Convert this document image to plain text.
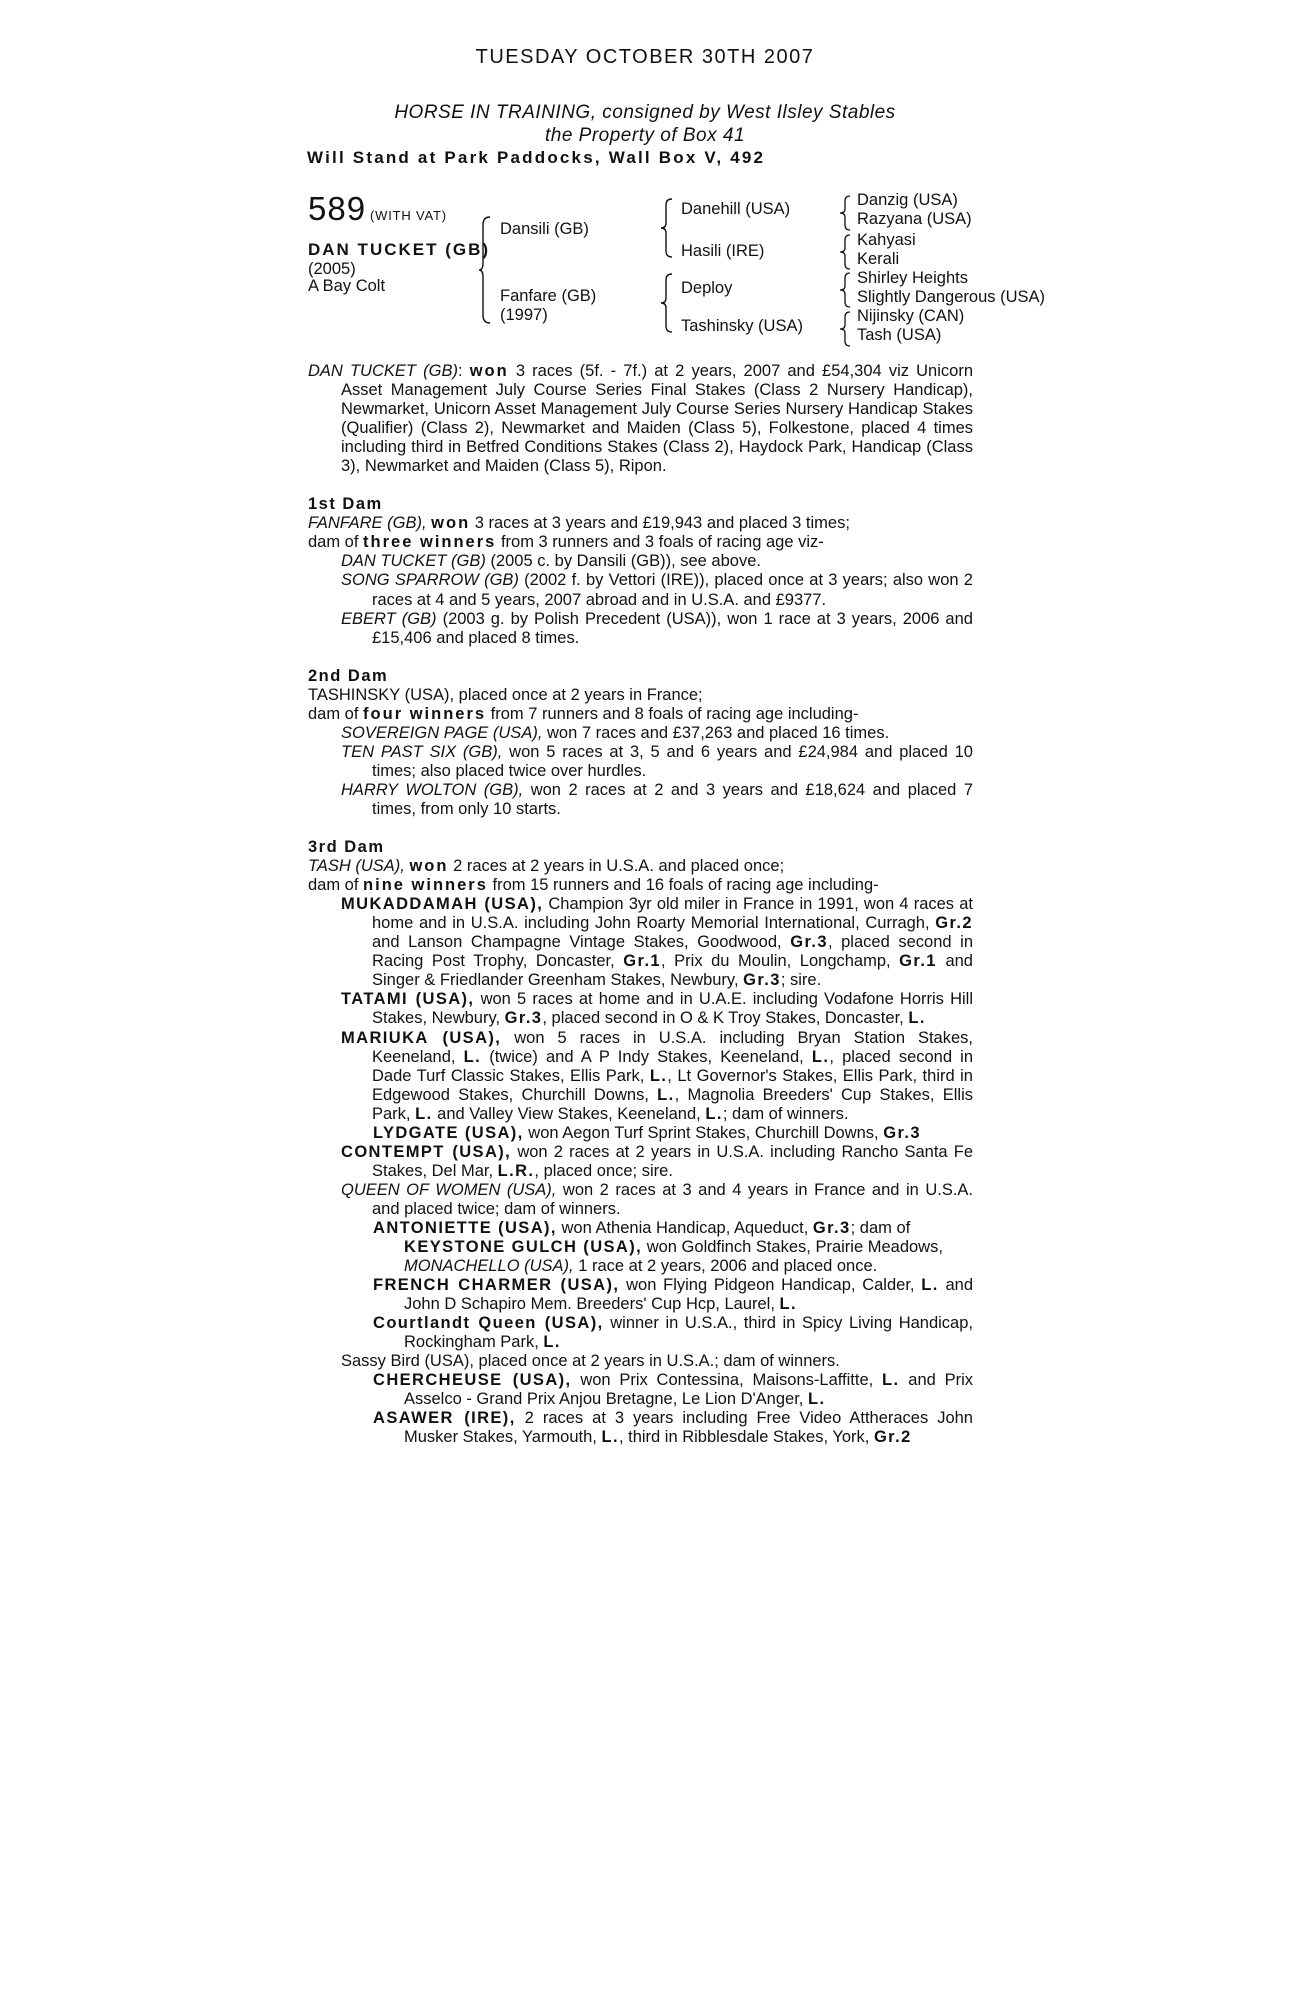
TUESDAY OCTOBER 30TH 2007
HORSE IN TRAINING, consigned by West Ilsley Stables
the Property of Box 41
Will Stand at Park Paddocks, Wall Box V, 492
589 (WITH VAT)
DAN TUCKET (GB)
(2005)
A Bay Colt
Dansili (GB)
Fanfare (GB)
(1997)
Danehill (USA)
Hasili (IRE)
Deploy
Tashinsky (USA)
Danzig (USA)
Razyana (USA)
Kahyasi
Kerali
Shirley Heights
Slightly Dangerous (USA)
Nijinsky (CAN)
Tash (USA)

DAN TUCKET (GB): won 3 races (5f. - 7f.) at 2 years, 2007 and £54,304 viz Unicorn Asset Management July Course Series Final Stakes (Class 2 Nursery Handicap), Newmarket, Unicorn Asset Management July Course Series Nursery Handicap Stakes (Qualifier) (Class 2), Newmarket and Maiden (Class 5), Folkestone, placed 4 times including third in Betfred Conditions Stakes (Class 2), Haydock Park, Handicap (Class 3), Newmarket and Maiden (Class 5), Ripon.

1st Dam

FANFARE (GB), won 3 races at 3 years and £19,943 and placed 3 times;

dam of three winners from 3 runners and 3 foals of racing age viz-

DAN TUCKET (GB) (2005 c. by Dansili (GB)), see above.

SONG SPARROW (GB) (2002 f. by Vettori (IRE)), placed once at 3 years; also won 2 races at 4 and 5 years, 2007 abroad and in U.S.A. and £9377.

EBERT (GB) (2003 g. by Polish Precedent (USA)), won 1 race at 3 years, 2006 and £15,406 and placed 8 times.

2nd Dam

TASHINSKY (USA), placed once at 2 years in France;

dam of four winners from 7 runners and 8 foals of racing age including-

SOVEREIGN PAGE (USA), won 7 races and £37,263 and placed 16 times.

TEN PAST SIX (GB), won 5 races at 3, 5 and 6 years and £24,984 and placed 10 times; also placed twice over hurdles.

HARRY WOLTON (GB), won 2 races at 2 and 3 years and £18,624 and placed 7 times, from only 10 starts.

3rd Dam

TASH (USA), won 2 races at 2 years in U.S.A. and placed once;

dam of nine winners from 15 runners and 16 foals of racing age including-

MUKADDAMAH (USA), Champion 3yr old miler in France in 1991, won 4 races at home and in U.S.A. including John Roarty Memorial International, Curragh, Gr.2 and Lanson Champagne Vintage Stakes, Goodwood, Gr.3, placed second in Racing Post Trophy, Doncaster, Gr.1, Prix du Moulin, Longchamp, Gr.1 and Singer & Friedlander Greenham Stakes, Newbury, Gr.3; sire.

TATAMI (USA), won 5 races at home and in U.A.E. including Vodafone Horris Hill Stakes, Newbury, Gr.3, placed second in O & K Troy Stakes, Doncaster, L.

MARIUKA (USA), won 5 races in U.S.A. including Bryan Station Stakes, Keeneland, L. (twice) and A P Indy Stakes, Keeneland, L., placed second in Dade Turf Classic Stakes, Ellis Park, L., Lt Governor's Stakes, Ellis Park, third in Edgewood Stakes, Churchill Downs, L., Magnolia Breeders' Cup Stakes, Ellis Park, L. and Valley View Stakes, Keeneland, L.; dam of winners.

LYDGATE (USA), won Aegon Turf Sprint Stakes, Churchill Downs, Gr.3

CONTEMPT (USA), won 2 races at 2 years in U.S.A. including Rancho Santa Fe Stakes, Del Mar, L.R., placed once; sire.

QUEEN OF WOMEN (USA), won 2 races at 3 and 4 years in France and in U.S.A. and placed twice; dam of winners.

ANTONIETTE (USA), won Athenia Handicap, Aqueduct, Gr.3; dam of

KEYSTONE GULCH (USA), won Goldfinch Stakes, Prairie Meadows,

MONACHELLO (USA), 1 race at 2 years, 2006 and placed once.

FRENCH CHARMER (USA), won Flying Pidgeon Handicap, Calder, L. and John D Schapiro Mem. Breeders' Cup Hcp, Laurel, L.

Courtlandt Queen (USA), winner in U.S.A., third in Spicy Living Handicap, Rockingham Park, L.

Sassy Bird (USA), placed once at 2 years in U.S.A.; dam of winners.

CHERCHEUSE (USA), won Prix Contessina, Maisons-Laffitte, L. and Prix Asselco - Grand Prix Anjou Bretagne, Le Lion D'Anger, L.

ASAWER (IRE), 2 races at 3 years including Free Video Attheraces John Musker Stakes, Yarmouth, L., third in Ribblesdale Stakes, York, Gr.2
